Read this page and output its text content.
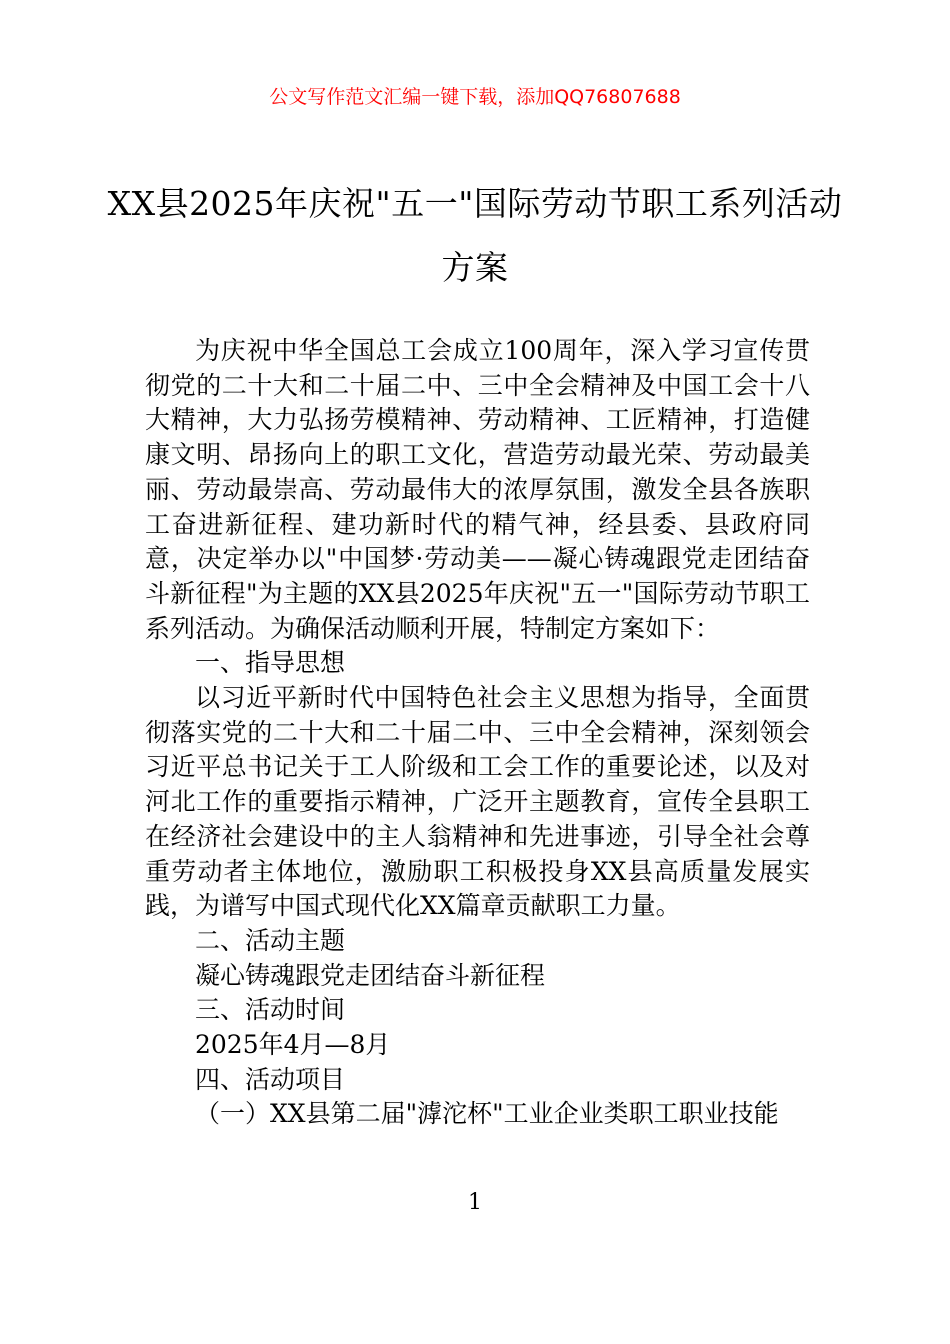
公文写作范文汇编一键下载，添加QQ76807688
XX县2025年庆祝"五一"国际劳动节职工系列活动方案

为庆祝中华全国总工会成立100周年，深入学习宣传贯彻党的二十大和二十届二中、三中全会精神及中国工会十八大精神，大力弘扬劳模精神、劳动精神、工匠精神，打造健康文明、昂扬向上的职工文化，营造劳动最光荣、劳动最美丽、劳动最崇高、劳动最伟大的浓厚氛围，激发全县各族职工奋进新征程、建功新时代的精气神，经县委、县政府同意，决定举办以"中国梦·劳动美——凝心铸魂跟党走团结奋斗新征程"为主题的XX县2025年庆祝"五一"国际劳动节职工系列活动。为确保活动顺利开展，特制定方案如下：

一、指导思想

以习近平新时代中国特色社会主义思想为指导，全面贯彻落实党的二十大和二十届二中、三中全会精神，深刻领会习近平总书记关于工人阶级和工会工作的重要论述，以及对河北工作的重要指示精神，广泛开主题教育，宣传全县职工在经济社会建设中的主人翁精神和先进事迹，引导全社会尊重劳动者主体地位，激励职工积极投身XX县高质量发展实践，为谱写中国式现代化XX篇章贡献职工力量。

二、活动主题

凝心铸魂跟党走团结奋斗新征程

三、活动时间

2025年4月—8月

四、活动项目

（一）XX县第二届"滹沱杯"工业企业类职工职业技能

1
